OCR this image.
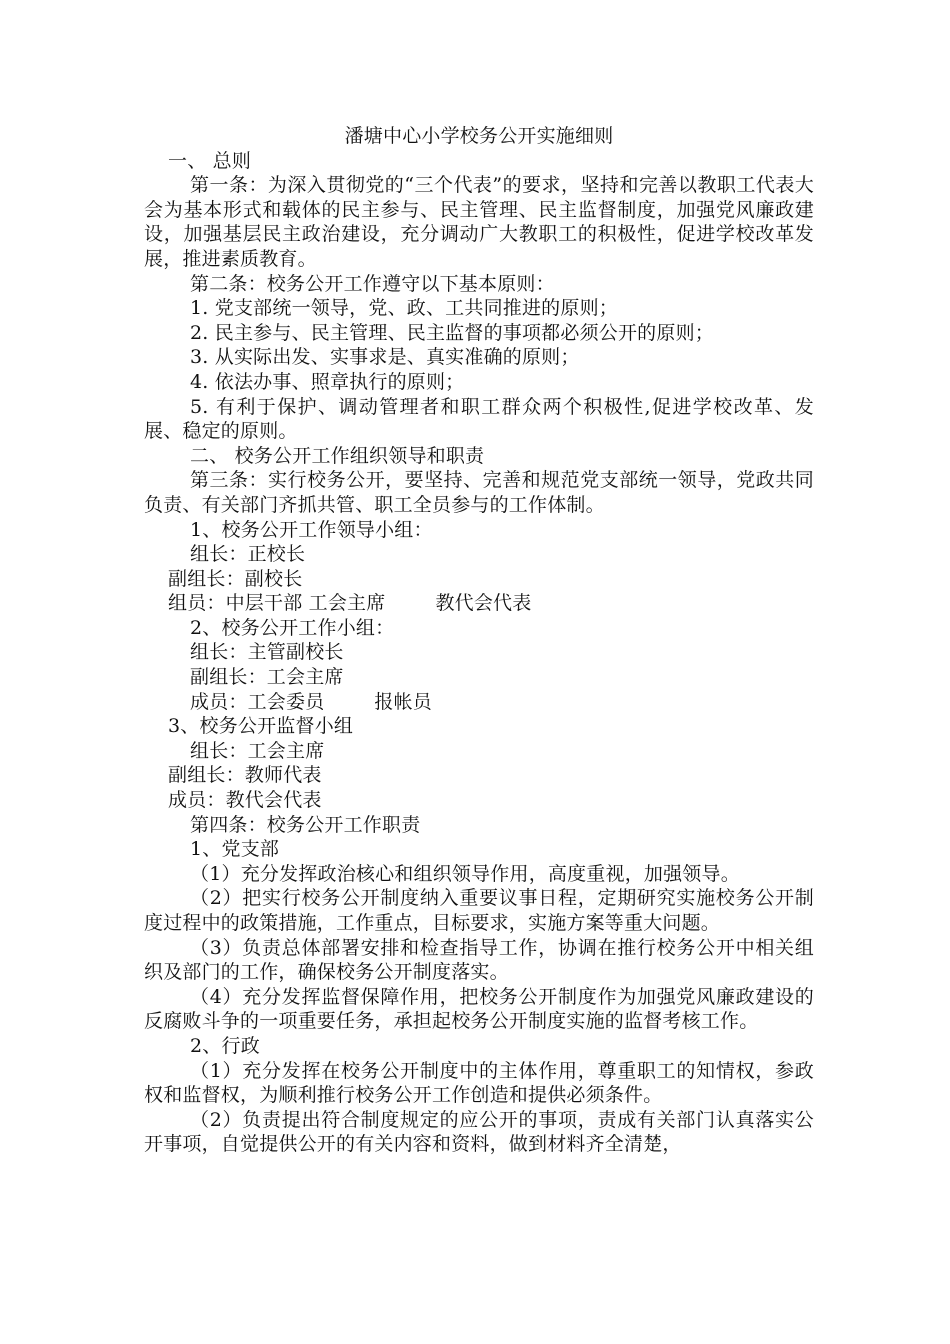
潘塘中心小学校务公开实施细则

一、 总则

第一条：为深入贯彻党的“三个代表”的要求，坚持和完善以教职工代表大会为基本形式和载体的民主参与、民主管理、民主监督制度，加强党风廉政建设，加强基层民主政治建设，充分调动广大教职工的积极性，促进学校改革发展，推进素质教育。

第二条：校务公开工作遵守以下基本原则：

1. 党支部统一领导，党、政、工共同推进的原则；

2. 民主参与、民主管理、民主监督的事项都必须公开的原则；

3. 从实际出发、实事求是、真实准确的原则；

4. 依法办事、照章执行的原则；

5. 有利于保护、调动管理者和职工群众两个积极性,促进学校改革、发展、稳定的原则。

二、 校务公开工作组织领导和职责

第三条：实行校务公开，要坚持、完善和规范党支部统一领导，党政共同负责、有关部门齐抓共管、职工全员参与的工作体制。

1、校务公开工作领导小组：

组长：正校长

副组长：副校长

组员：中层干部 工会主席	教代会代表

2、校务公开工作小组：

组长：主管副校长

副组长：工会主席

成员：工会委员	报帐员

3、校务公开监督小组

组长：工会主席

副组长：教师代表

成员：教代会代表

第四条：校务公开工作职责

1、党支部

（1）充分发挥政治核心和组织领导作用，高度重视，加强领导。

（2）把实行校务公开制度纳入重要议事日程，定期研究实施校务公开制度过程中的政策措施，工作重点，目标要求，实施方案等重大问题。

（3）负责总体部署安排和检查指导工作，协调在推行校务公开中相关组织及部门的工作，确保校务公开制度落实。

（4）充分发挥监督保障作用，把校务公开制度作为加强党风廉政建设的反腐败斗争的一项重要任务，承担起校务公开制度实施的监督考核工作。

2、行政

（1）充分发挥在校务公开制度中的主体作用，尊重职工的知情权，参政权和监督权，为顺利推行校务公开工作创造和提供必须条件。

（2）负责提出符合制度规定的应公开的事项，责成有关部门认真落实公开事项，自觉提供公开的有关内容和资料，做到材料齐全清楚，
